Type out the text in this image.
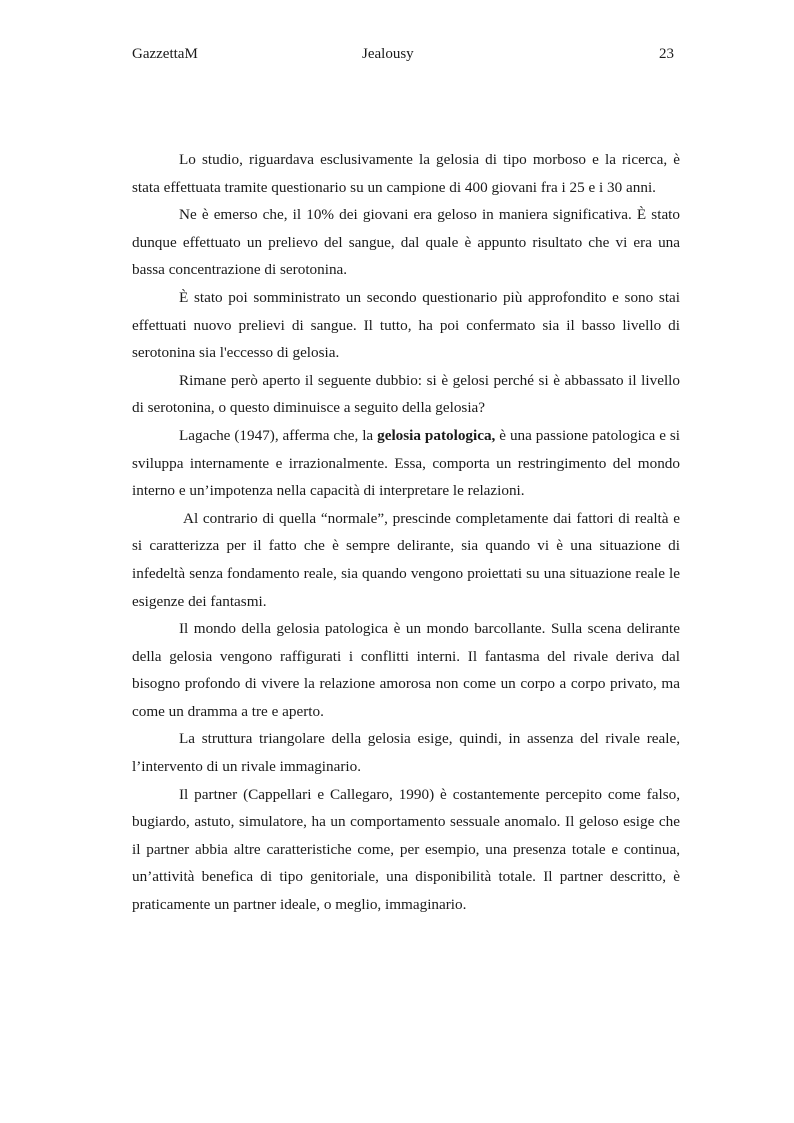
GazzettaM	Jealousy	23

Lo studio, riguardava esclusivamente la gelosia di tipo morboso e la ricerca, è stata effettuata tramite questionario su un campione di 400 giovani fra i 25 e i 30 anni.

Ne è emerso che, il 10% dei giovani era geloso in maniera significativa. È stato dunque effettuato un prelievo del sangue, dal quale è appunto risultato che vi era una bassa concentrazione di serotonina.

È stato poi somministrato un secondo questionario più approfondito e sono stai effettuati nuovo prelievi di sangue. Il tutto, ha poi confermato sia il basso livello di serotonina sia l'eccesso di gelosia.

Rimane però aperto il seguente dubbio: si è gelosi perché si è abbassato il livello di serotonina, o questo diminuisce a seguito della gelosia?

Lagache (1947), afferma che, la gelosia patologica, è una passione patologica e si sviluppa internamente e irrazionalmente. Essa, comporta un restringimento del mondo interno e un’impotenza nella capacità di interpretare le relazioni.

Al contrario di quella “normale”, prescinde completamente dai fattori di realtà e si caratterizza per il fatto che è sempre delirante, sia quando vi è una situazione di infedeltà senza fondamento reale, sia quando vengono proiettati su una situazione reale le esigenze dei fantasmi.

Il mondo della gelosia patologica è un mondo barcollante. Sulla scena delirante della gelosia vengono raffigurati i conflitti interni. Il fantasma del rivale deriva dal bisogno profondo di vivere la relazione amorosa non come un corpo a corpo privato, ma come un dramma a tre e aperto.

La struttura triangolare della gelosia esige, quindi, in assenza del rivale reale, l’intervento di un rivale immaginario.

Il partner (Cappellari e Callegaro, 1990) è costantemente percepito come falso, bugiardo, astuto, simulatore, ha un comportamento sessuale anomalo. Il geloso esige che il partner abbia altre caratteristiche come, per esempio, una presenza totale e continua, un’attività benefica di tipo genitoriale, una disponibilità totale. Il partner descritto, è praticamente un partner ideale, o meglio, immaginario.
